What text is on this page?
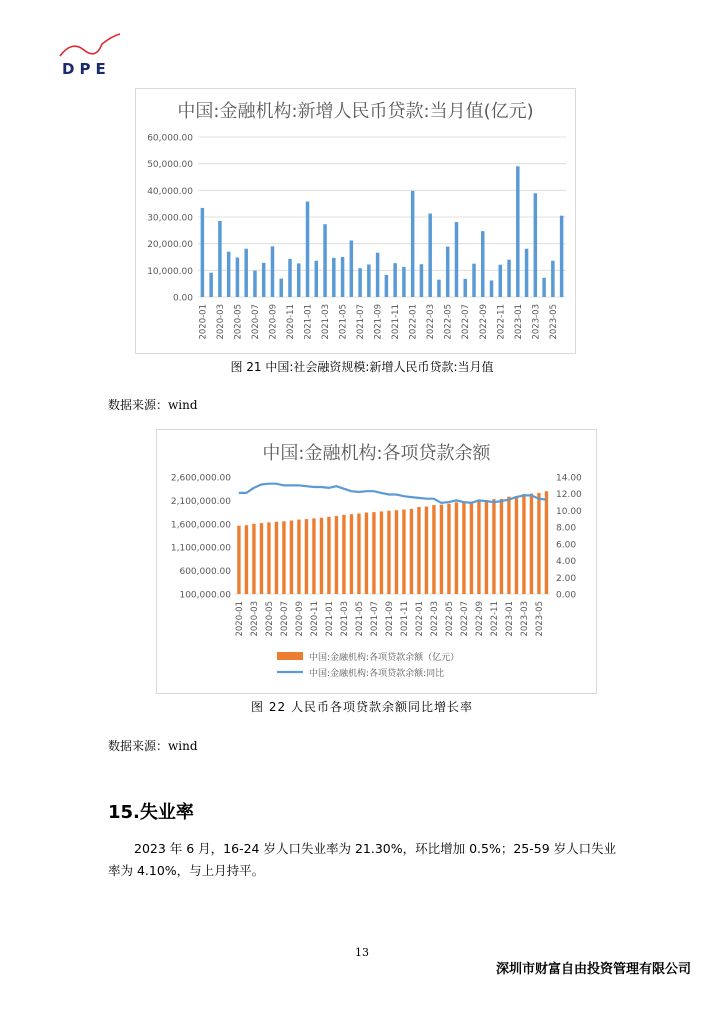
DPE
中国:金融机构:新增人民币贷款:当月值(亿元)
0.00
10,000.00
20,000.00
30,000.00
40,000.00
50,000.00
60,000.00
2020-01 2020-03 2020-05 2020-07 2020-09 2020-11 2021-01 2021-03 2021-05 2021-07 2021-09 2021-11 2022-01 2022-03 2022-05 2022-07 2022-09 2022-11 2023-01 2023-03 2023-05
图 21 中国:社会融资规模:新增人民币贷款:当月值
数据来源：wind
中国:金融机构:各项贷款余额
100,000.00
600,000.00
1,100,000.00
1,600,000.00
2,100,000.00
2,600,000.00
0.00
2.00
4.00
6.00
8.00
10.00
12.00
14.00
2020-01 2020-03 2020-05 2020-07 2020-09 2020-11 2021-01 2021-03 2021-05 2021-07 2021-09 2021-11 2022-01 2022-03 2022-05 2022-07 2022-09 2022-11 2023-01 2023-03 2023-05
中国:金融机构:各项贷款余额（亿元）
中国:金融机构:各项贷款余额:同比
图 22 人民币各项贷款余额同比增长率
数据来源：wind
15.失业率
2023 年 6 月，16-24 岁人口失业率为 21.30%，环比增加 0.5%；25-59 岁人口失业率为 4.10%，与上月持平。
13
深圳市财富自由投资管理有限公司
